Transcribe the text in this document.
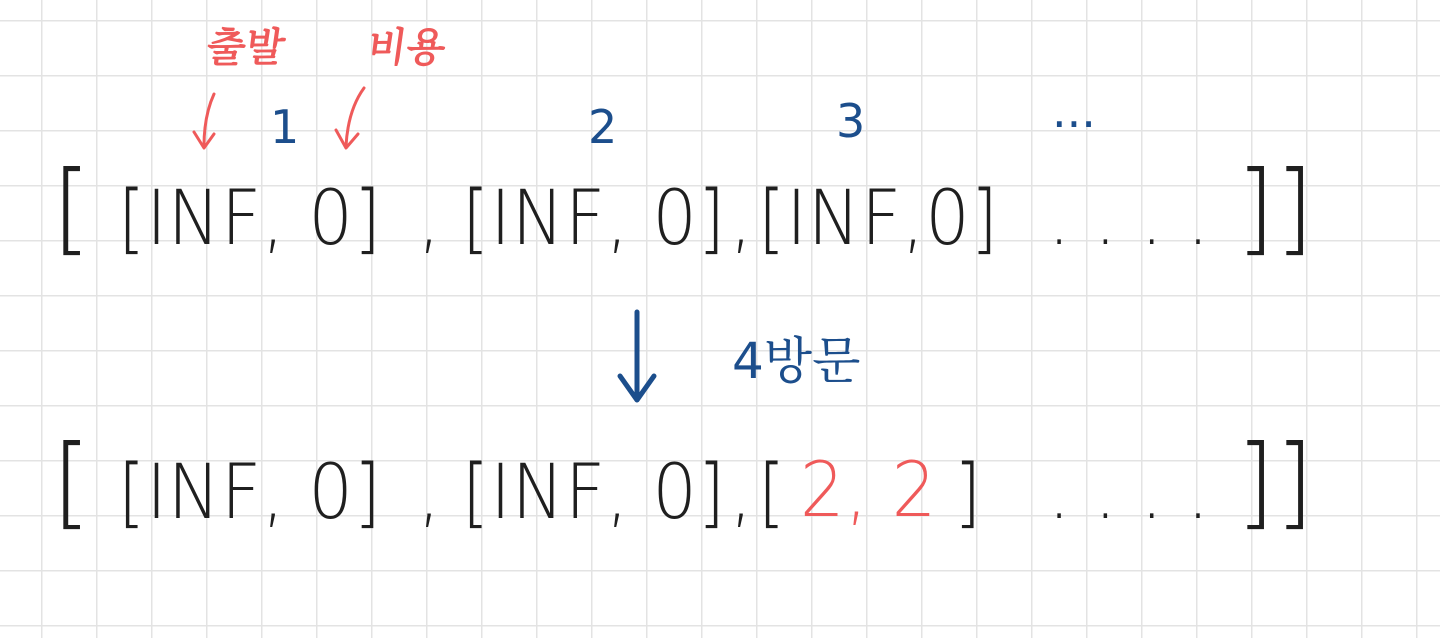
출발 비용
1	2	3	...
[ [INF, 0] , [INF, 0] , [INF,0] . . . . ]]
4방문
[ [INF, 0] , [INF, 0] , [ 2, 2 ] . . . . ]]
